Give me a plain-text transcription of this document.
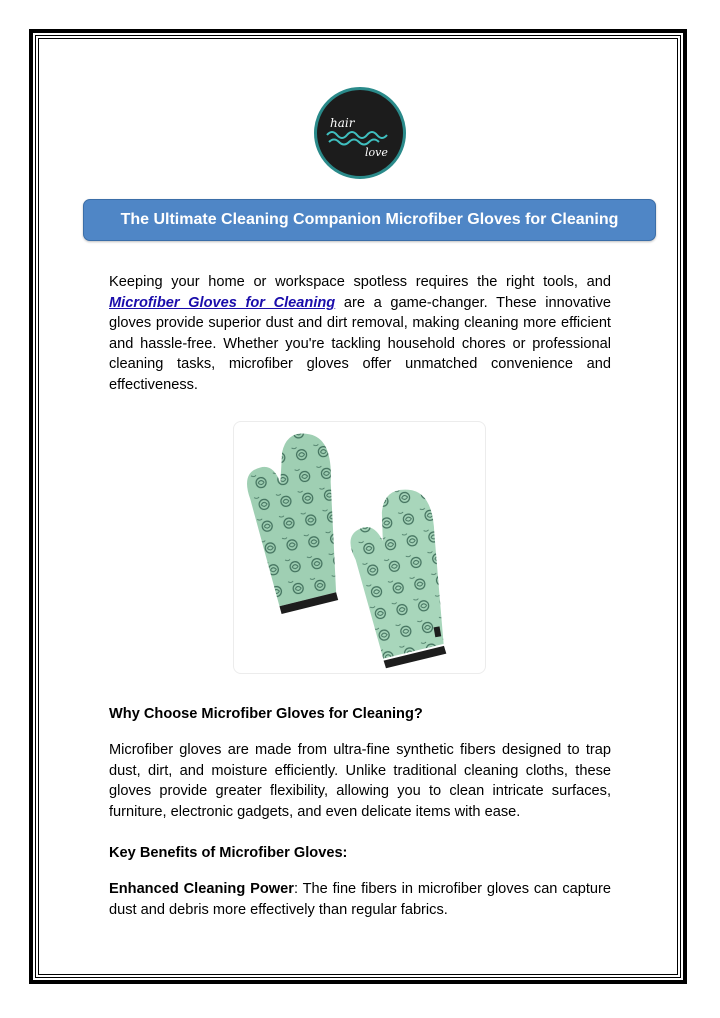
hair
love
The Ultimate Cleaning Companion Microfiber Gloves for Cleaning
Keeping your home or workspace spotless requires the right tools, and Microfiber Gloves for Cleaning are a game-changer. These innovative gloves provide superior dust and dirt removal, making cleaning more efficient and hassle-free. Whether you're tackling household chores or professional cleaning tasks, microfiber gloves offer unmatched convenience and effectiveness.
Why Choose Microfiber Gloves for Cleaning?
Microfiber gloves are made from ultra-fine synthetic fibers designed to trap dust, dirt, and moisture efficiently. Unlike traditional cleaning cloths, these gloves provide greater flexibility, allowing you to clean intricate surfaces, furniture, electronic gadgets, and even delicate items with ease.
Key Benefits of Microfiber Gloves:
Enhanced Cleaning Power: The fine fibers in microfiber gloves can capture dust and debris more effectively than regular fabrics.
